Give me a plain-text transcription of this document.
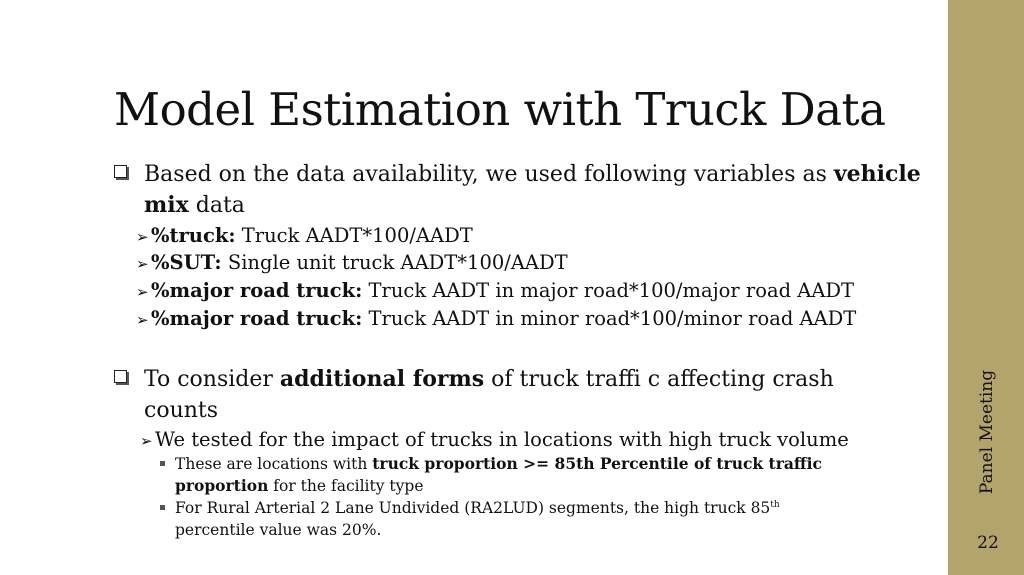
Panel Meeting
22
Model Estimation with Truck Data
Based on the data availability, we used following variables as vehicle mix data
➢ %truck: Truck AADT*100/AADT
➢ %SUT: Single unit truck AADT*100/AADT
➢ %major road truck: Truck AADT in major road*100/major road AADT
➢ %major road truck: Truck AADT in minor road*100/minor road AADT
To consider additional forms of truck traffi c affecting crash counts
➢ We tested for the impact of trucks in locations with high truck volume
These are locations with truck proportion >= 85th Percentile of truck traffic proportion for the facility type
For Rural Arterial 2 Lane Undivided (RA2LUD) segments, the high truck 85th percentile value was 20%.
